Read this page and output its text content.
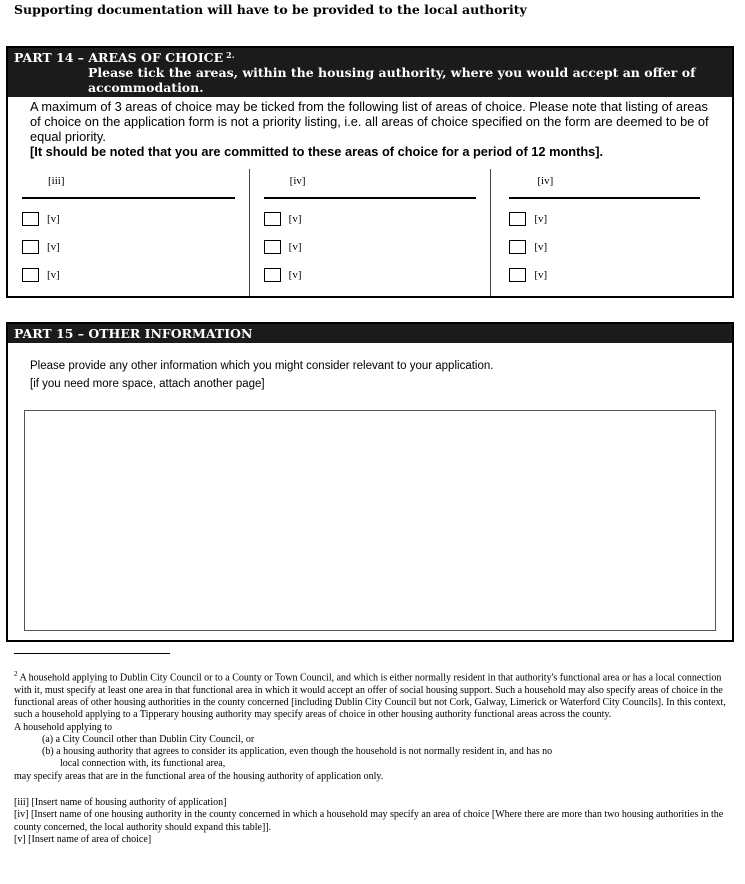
Supporting documentation will have to be provided to the local authority
PART 14 – AREAS OF CHOICE 2.
Please tick the areas, within the housing authority, where you would accept an offer of accommodation.
A maximum of 3 areas of choice may be ticked from the following list of areas of choice. Please note that listing of areas of choice on the application form is not a priority listing, i.e. all areas of choice specified on the form are deemed to be of equal priority.
[It should be noted that you are committed to these areas of choice for a period of 12 months].
[iii]
[v]
[v]
[v]
[iv]
[v]
[v]
[v]
[iv]
[v]
[v]
[v]
PART 15 – OTHER INFORMATION
Please provide any other information which you might consider relevant to your application.
[if you need more space, attach another page]

$^2$ A household applying to Dublin City Council or to a County or Town Council, and which is either normally resident in that authority's functional area or has a local connection with it, must specify at least one area in that functional area in which it would accept an offer of social housing support. Such a household may also specify areas of choice in the functional areas of other housing authorities in the county concerned [including Dublin City Council but not Cork, Galway, Limerick or Waterford City Councils]. In this context, such a household applying to a Tipperary housing authority may specify areas of choice in other housing authority functional areas across the county.

A household applying to

(a) a City Council other than Dublin City Council, or

(b) a housing authority that agrees to consider its application, even though the household is not normally resident in, and has no

local connection with, its functional area,

may specify areas that are in the functional area of the housing authority of application only.

[iii] [Insert name of housing authority of application]

[iv] [Insert name of one housing authority in the county concerned in which a household may specify an area of choice [Where there are more than two housing authorities in the county concerned, the local authority should expand this table]].

[v] [Insert name of area of choice]
